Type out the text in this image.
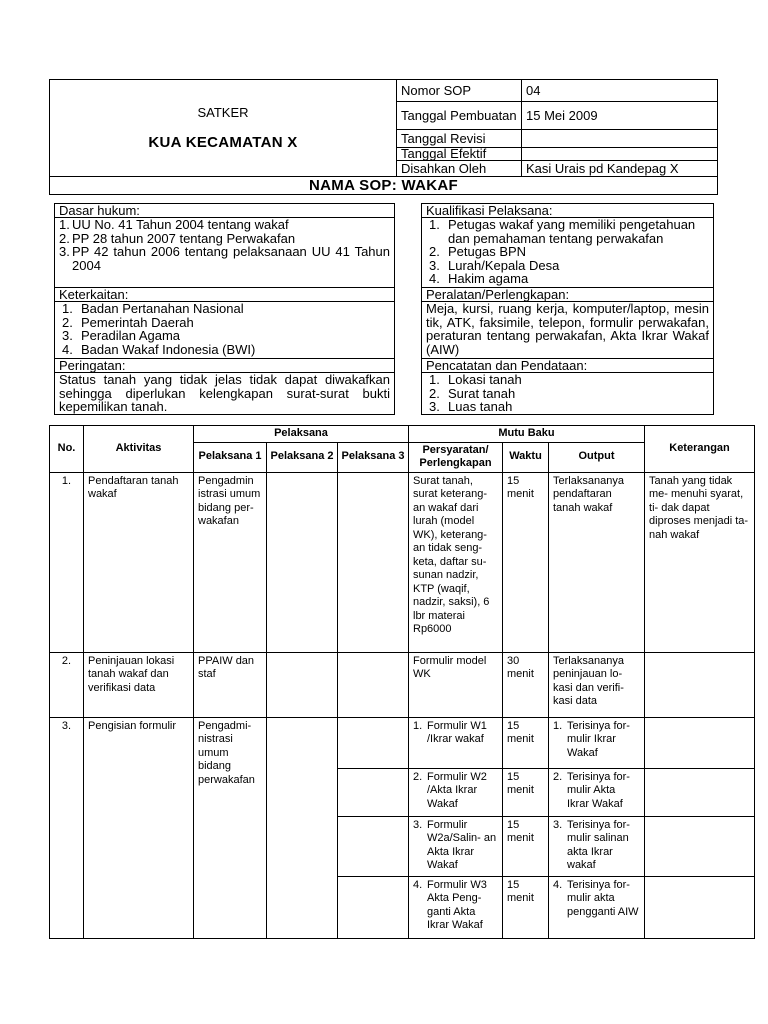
SATKER
KUA KECAMATAN X	Nomor SOP	04
	Tanggal Pembuatan	15 Mei 2009
	Tanggal Revisi	
	Tanggal Efektif	
	Disahkan Oleh	Kasi Urais pd Kandepag X
NAMA SOP: WAKAF		
Dasar hukum:
1. UU No. 41 Tahun 2004 tentang wakaf
2. PP 28 tahun 2007 tentang Perwakafan
3. PP 42 tahun 2006 tentang pelaksanaan UU 41 Tahun 2004
Keterkaitan:
1. Badan Pertanahan Nasional
2. Pemerintah Daerah
3. Peradilan Agama
4. Badan Wakaf Indonesia (BWI)
Peringatan:
Status tanah yang tidak jelas tidak dapat diwakafkan sehingga diperlukan kelengkapan surat-surat bukti kepemilikan tanah.
Kualifikasi Pelaksana:
1. Petugas wakaf yang memiliki pengetahuan dan pemahaman tentang perwakafan
2. Petugas BPN
3. Lurah/Kepala Desa
4. Hakim agama
Peralatan/Perlengkapan:
Meja, kursi, ruang kerja, komputer/laptop, mesin tik, ATK, faksimile, telepon, formulir perwakafan, peraturan tentang perwakafan, Akta Ikrar Wakaf (AIW)
Pencatatan dan Pendataan:
1. Lokasi tanah
2. Surat tanah
3. Luas tanah
No.	Aktivitas	Pelaksana			Mutu Baku			Keterangan
		Pelaksana 1	Pelaksana 2	Pelaksana 3	Persyaratan/ Perlengkapan	Waktu	Output	
1.	Pendaftaran tanah wakaf	Pengadmin istrasi umum bidang per- wakafan			Surat tanah, surat keterang- an wakaf dari lurah (model WK), keterang- an tidak seng- keta, daftar su- sunan nadzir, KTP (waqif, nadzir, saksi), 6 lbr materai Rp6000	15 menit	Terlaksananya pendaftaran tanah wakaf	Tanah yang tidak me- menuhi syarat, ti- dak dapat diproses menjadi ta- nah wakaf
2.	Peninjauan lokasi tanah wakaf dan verifikasi data	PPAIW dan staf			Formulir model WK	30 menit	Terlaksananya peninjauan lo- kasi dan verifi- kasi data	
3.	Pengisian formulir	Pengadmi- nistrasi umum bidang perwakafan			1. Formulir W1 /Ikrar wakaf	15 menit	1. Terisinya for- mulir Ikrar Wakaf	

					2. Formulir W2 /Akta Ikrar Wakaf	15 menit	2. Terisinya for- mulir Akta Ikrar Wakaf	

					3. Formulir W2a/Salin- an Akta Ikrar Wakaf	15 menit	3. Terisinya for- mulir salinan akta Ikrar wakaf	

					4. Formulir W3 Akta Peng- ganti Akta Ikrar Wakaf	15 menit	4. Terisinya for- mulir akta pengganti AIW	
